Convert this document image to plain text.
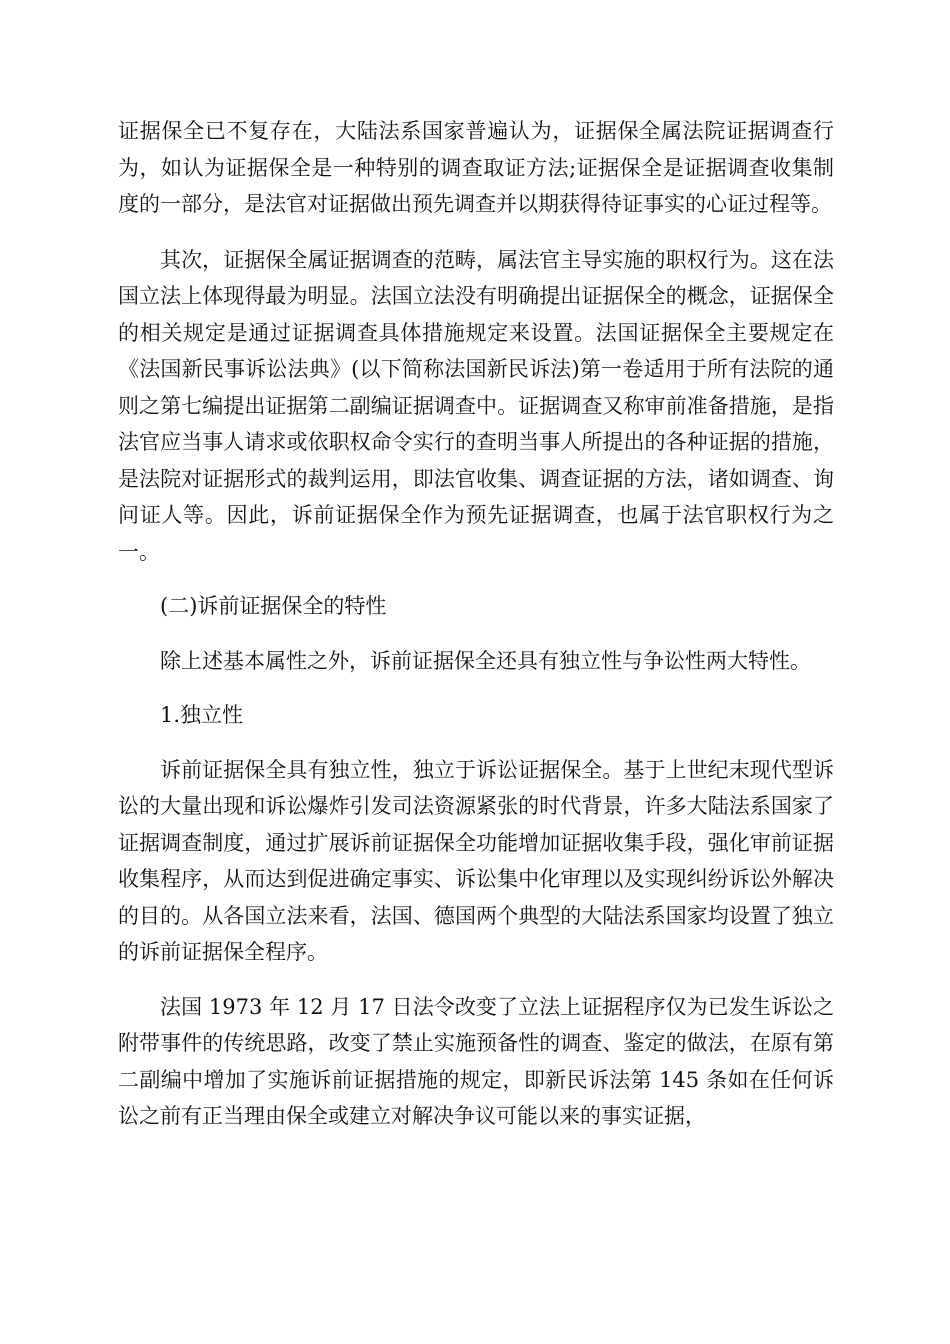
证据保全已不复存在，大陆法系国家普遍认为，证据保全属法院证据调查行为，如认为证据保全是一种特别的调查取证方法;证据保全是证据调查收集制度的一部分，是法官对证据做出预先调查并以期获得待证事实的心证过程等。

其次，证据保全属证据调查的范畴，属法官主导实施的职权行为。这在法国立法上体现得最为明显。法国立法没有明确提出证据保全的概念，证据保全的相关规定是通过证据调查具体措施规定来设置。法国证据保全主要规定在《法国新民事诉讼法典》(以下简称法国新民诉法)第一卷适用于所有法院的通则之第七编提出证据第二副编证据调查中。证据调查又称审前准备措施，是指法官应当事人请求或依职权命令实行的查明当事人所提出的各种证据的措施，是法院对证据形式的裁判运用，即法官收集、调查证据的方法，诸如调查、询问证人等。因此，诉前证据保全作为预先证据调查，也属于法官职权行为之一。

(二)诉前证据保全的特性

除上述基本属性之外，诉前证据保全还具有独立性与争讼性两大特性。

1.独立性

诉前证据保全具有独立性，独立于诉讼证据保全。基于上世纪末现代型诉讼的大量出现和诉讼爆炸引发司法资源紧张的时代背景，许多大陆法系国家了证据调查制度，通过扩展诉前证据保全功能增加证据收集手段，强化审前证据收集程序，从而达到促进确定事实、诉讼集中化审理以及实现纠纷诉讼外解决的目的。从各国立法来看，法国、德国两个典型的大陆法系国家均设置了独立的诉前证据保全程序。

法国 1973 年 12 月 17 日法令改变了立法上证据程序仅为已发生诉讼之附带事件的传统思路，改变了禁止实施预备性的调查、鉴定的做法，在原有第二副编中增加了实施诉前证据措施的规定，即新民诉法第 145 条如在任何诉讼之前有正当理由保全或建立对解决争议可能以来的事实证据，
